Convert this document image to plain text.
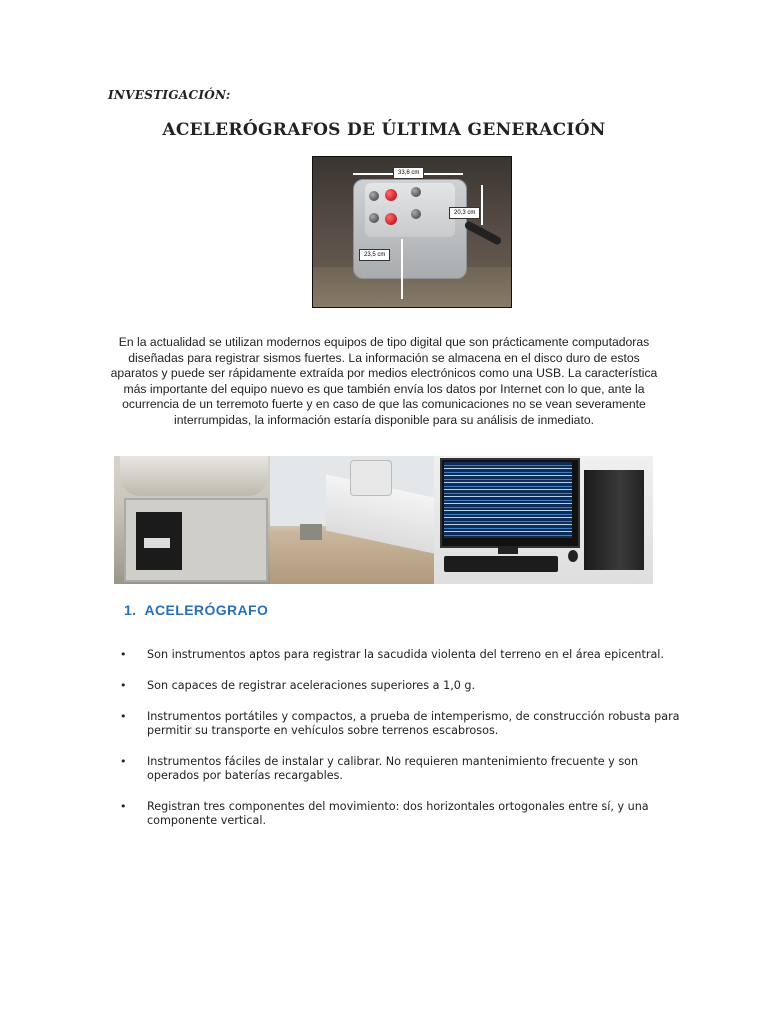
INVESTIGACIÓN:
ACELERÓGRAFOS DE ÚLTIMA GENERACIÓN
33,6 cm
20,3 cm
23,5 cm
En la actualidad se utilizan modernos equipos de tipo digital que son prácticamente computadoras diseñadas para registrar sismos fuertes. La información se almacena en el disco duro de estos aparatos y puede ser rápidamente extraída por medios electrónicos como una USB. La característica más importante del equipo nuevo es que también envía los datos por Internet con lo que, ante la ocurrencia de un terremoto fuerte y en caso de que las comunicaciones no se vean severamente interrumpidas, la información estaría disponible para su análisis de inmediato.
1. ACELERÓGRAFO
• Son instrumentos aptos para registrar la sacudida violenta del terreno en el área epicentral.
• Son capaces de registrar aceleraciones superiores a 1,0 g.
• Instrumentos portátiles y compactos, a prueba de intemperismo, de construcción robusta para permitir su transporte en vehículos sobre terrenos escabrosos.
• Instrumentos fáciles de instalar y calibrar. No requieren mantenimiento frecuente y son operados por baterías recargables.
• Registran tres componentes del movimiento: dos horizontales ortogonales entre sí, y una componente vertical.
